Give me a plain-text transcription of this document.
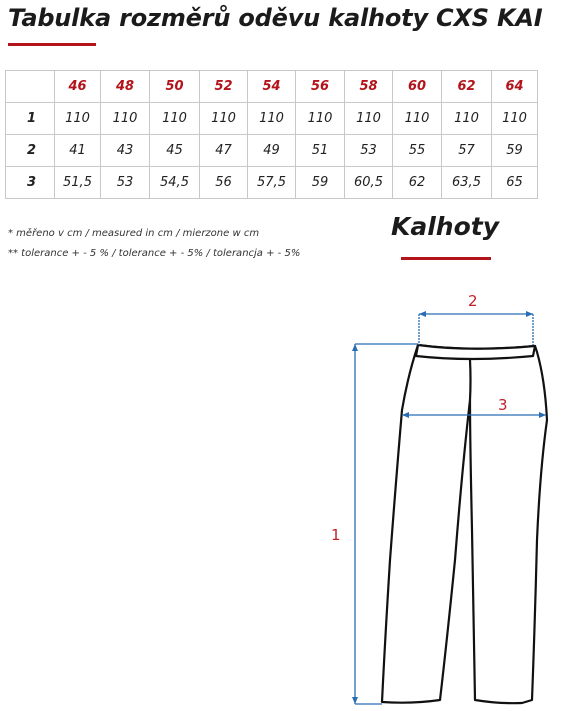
Tabulka rozměrů oděvu kalhoty CXS KAI
	46	48	50	52	54	56	58	60	62	64
1	110	110	110	110	110	110	110	110	110	110
2	41	43	45	47	49	51	53	55	57	59
3	51,5	53	54,5	56	57,5	59	60,5	62	63,5	65
* měřeno v cm / measured in cm / mierzone w cm
** tolerance + - 5 % / tolerance + - 5% / tolerancja + - 5%
Kalhoty
2
3
1
